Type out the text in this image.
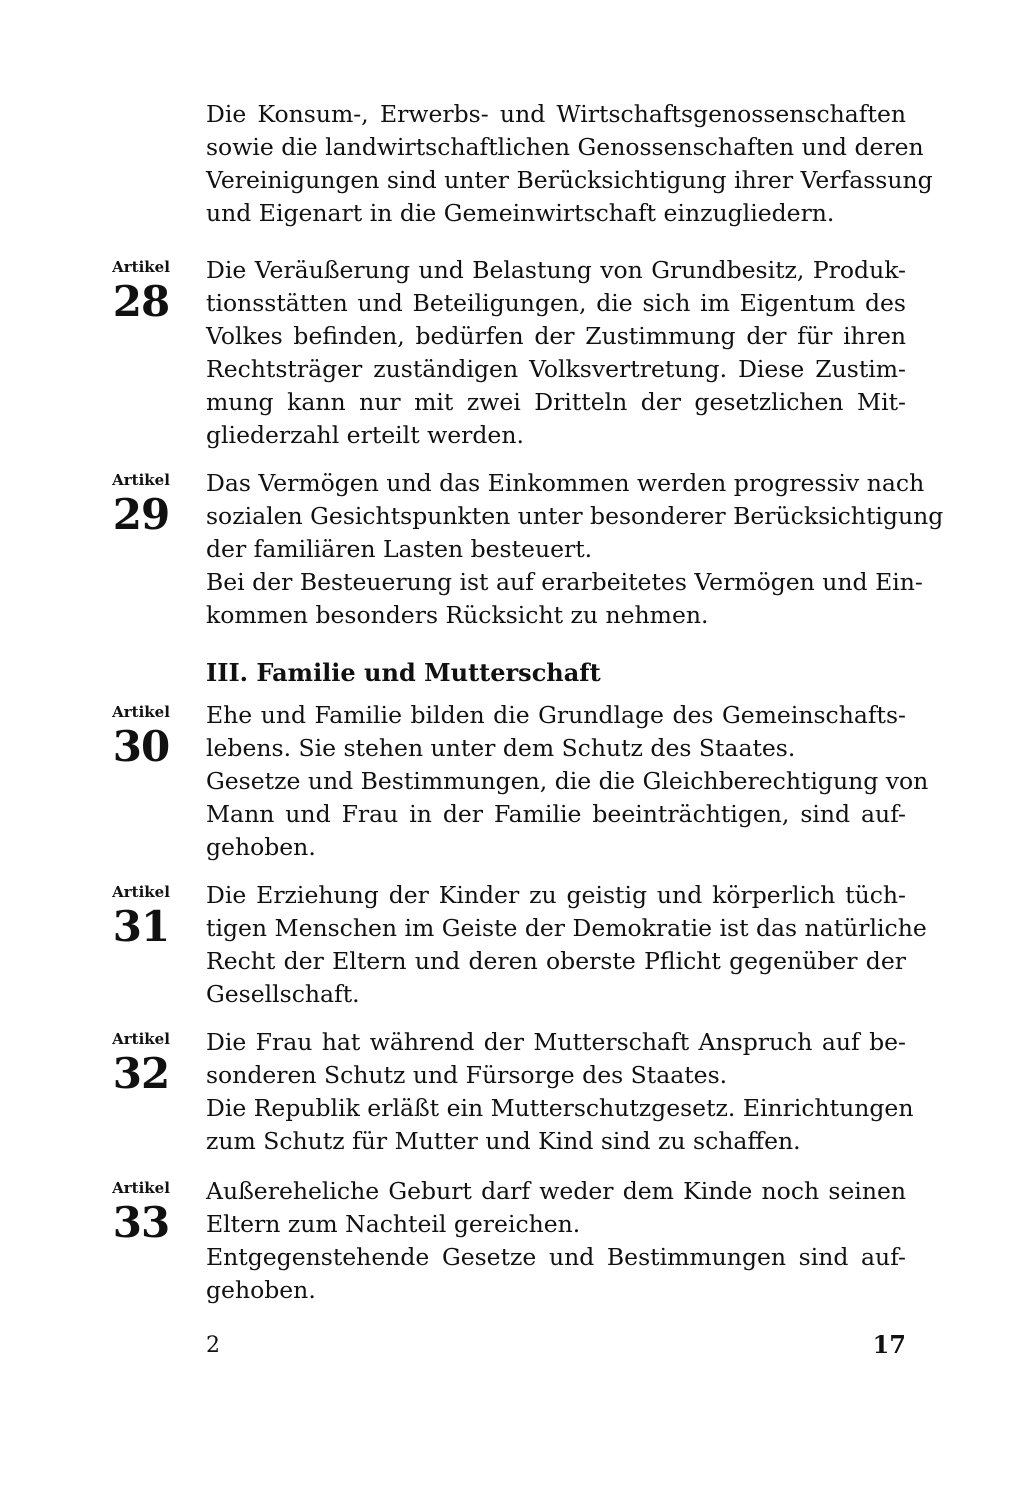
Die Konsum-, Erwerbs- und Wirtschaftsgenossenschaften
sowie die landwirtschaftlichen Genossenschaften und deren
Vereinigungen sind unter Berücksichtigung ihrer Verfassung
und Eigenart in die Gemeinwirtschaft einzugliedern.
Artikel
28
Die Veräußerung und Belastung von Grundbesitz, Produk-
tionsstätten und Beteiligungen, die sich im Eigentum des
Volkes befinden, bedürfen der Zustimmung der für ihren
Rechtsträger zuständigen Volksvertretung. Diese Zustim-
mung kann nur mit zwei Dritteln der gesetzlichen Mit-
gliederzahl erteilt werden.
Artikel
29
Das Vermögen und das Einkommen werden progressiv nach
sozialen Gesichtspunkten unter besonderer Berücksichtigung
der familiären Lasten besteuert.
Bei der Besteuerung ist auf erarbeitetes Vermögen und Ein-
kommen besonders Rücksicht zu nehmen.
III. Familie und Mutterschaft
Artikel
30
Ehe und Familie bilden die Grundlage des Gemeinschafts-
lebens. Sie stehen unter dem Schutz des Staates.
Gesetze und Bestimmungen, die die Gleichberechtigung von
Mann und Frau in der Familie beeinträchtigen, sind auf-
gehoben.
Artikel
31
Die Erziehung der Kinder zu geistig und körperlich tüch-
tigen Menschen im Geiste der Demokratie ist das natürliche
Recht der Eltern und deren oberste Pflicht gegenüber der
Gesellschaft.
Artikel
32
Die Frau hat während der Mutterschaft Anspruch auf be-
sonderen Schutz und Fürsorge des Staates.
Die Republik erläßt ein Mutterschutzgesetz. Einrichtungen
zum Schutz für Mutter und Kind sind zu schaffen.
Artikel
33
Außereheliche Geburt darf weder dem Kinde noch seinen
Eltern zum Nachteil gereichen.
Entgegenstehende Gesetze und Bestimmungen sind auf-
gehoben.
2	17
